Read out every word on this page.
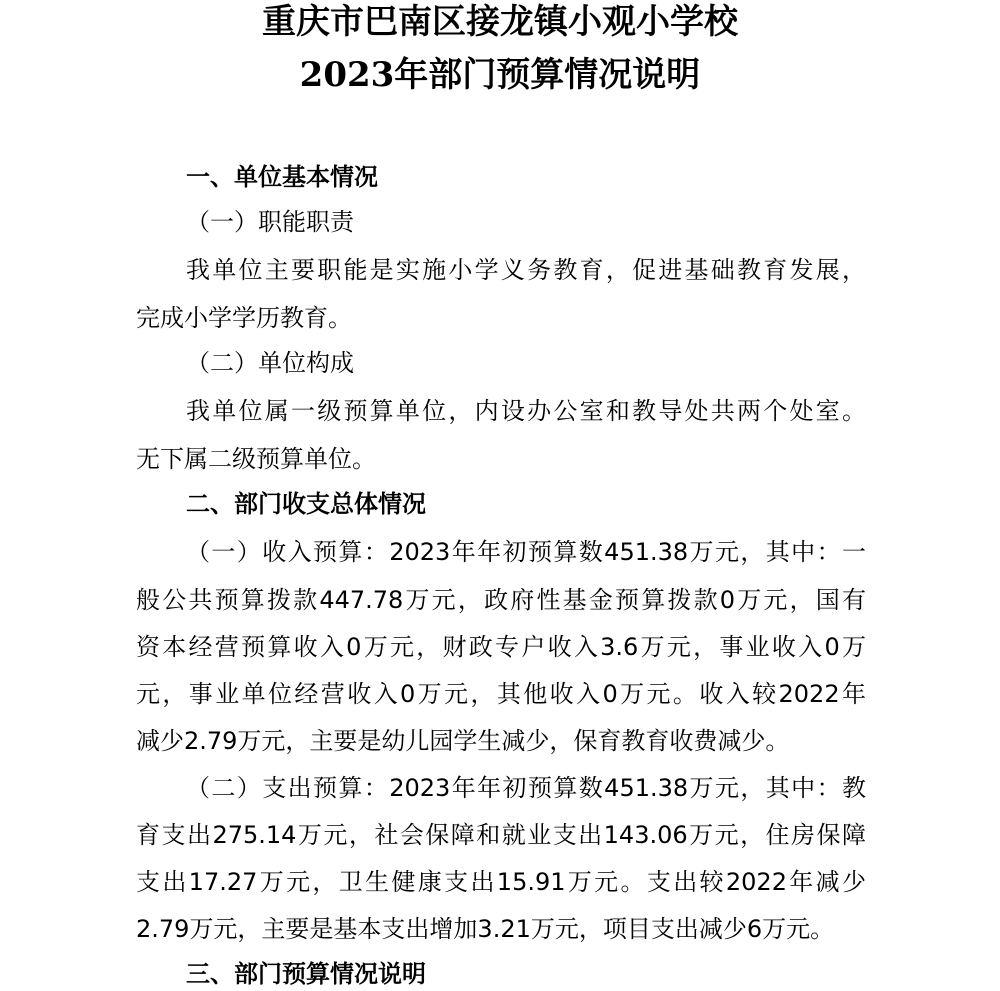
重庆市巴南区接龙镇小观小学校
2023年部门预算情况说明
一、单位基本情况
（一）职能职责
我单位主要职能是实施小学义务教育，促进基础教育发展，
完成小学学历教育。
（二）单位构成
我单位属一级预算单位，内设办公室和教导处共两个处室。
无下属二级预算单位。
二、部门收支总体情况
（一）收入预算：2023年年初预算数451.38万元，其中：一
般公共预算拨款447.78万元，政府性基金预算拨款0万元，国有
资本经营预算收入0万元，财政专户收入3.6万元，事业收入0万
元，事业单位经营收入0万元，其他收入0万元。收入较2022年
减少2.79万元，主要是幼儿园学生减少，保育教育收费减少。
（二）支出预算：2023年年初预算数451.38万元，其中：教
育支出275.14万元，社会保障和就业支出143.06万元，住房保障
支出17.27万元，卫生健康支出15.91万元。支出较2022年减少
2.79万元，主要是基本支出增加3.21万元，项目支出减少6万元。
三、部门预算情况说明
